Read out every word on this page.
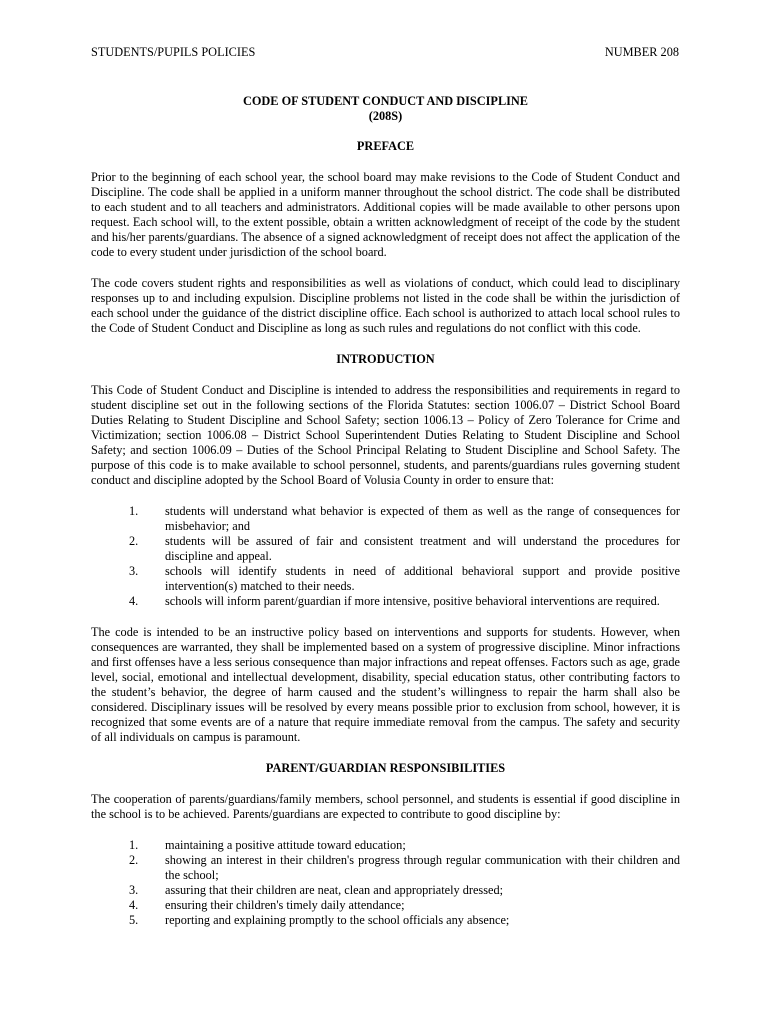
STUDENTS/PUPILS POLICIES	NUMBER 208

CODE OF STUDENT CONDUCT AND DISCIPLINE

(208S)

PREFACE

Prior to the beginning of each school year, the school board may make revisions to the Code of Student Conduct and Discipline. The code shall be applied in a uniform manner throughout the school district. The code shall be distributed to each student and to all teachers and administrators. Additional copies will be made available to other persons upon request. Each school will, to the extent possible, obtain a written acknowledgment of receipt of the code by the student and his/her parents/guardians. The absence of a signed acknowledgment of receipt does not affect the application of the code to every student under jurisdiction of the school board.

The code covers student rights and responsibilities as well as violations of conduct, which could lead to disciplinary responses up to and including expulsion. Discipline problems not listed in the code shall be within the jurisdiction of each school under the guidance of the district discipline office. Each school is authorized to attach local school rules to the Code of Student Conduct and Discipline as long as such rules and regulations do not conflict with this code.

INTRODUCTION

This Code of Student Conduct and Discipline is intended to address the responsibilities and requirements in regard to student discipline set out in the following sections of the Florida Statutes: section 1006.07 – District School Board Duties Relating to Student Discipline and School Safety; section 1006.13 – Policy of Zero Tolerance for Crime and Victimization; section 1006.08 – District School Superintendent Duties Relating to Student Discipline and School Safety; and section 1006.09 – Duties of the School Principal Relating to Student Discipline and School Safety. The purpose of this code is to make available to school personnel, students, and parents/guardians rules governing student conduct and discipline adopted by the School Board of Volusia County in order to ensure that:

1. students will understand what behavior is expected of them as well as the range of consequences for misbehavior; and
2. students will be assured of fair and consistent treatment and will understand the procedures for discipline and appeal.
3. schools will identify students in need of additional behavioral support and provide positive intervention(s) matched to their needs.
4. schools will inform parent/guardian if more intensive, positive behavioral interventions are required.

The code is intended to be an instructive policy based on interventions and supports for students. However, when consequences are warranted, they shall be implemented based on a system of progressive discipline. Minor infractions and first offenses have a less serious consequence than major infractions and repeat offenses. Factors such as age, grade level, social, emotional and intellectual development, disability, special education status, other contributing factors to the student’s behavior, the degree of harm caused and the student’s willingness to repair the harm shall also be considered. Disciplinary issues will be resolved by every means possible prior to exclusion from school, however, it is recognized that some events are of a nature that require immediate removal from the campus. The safety and security of all individuals on campus is paramount.

PARENT/GUARDIAN RESPONSIBILITIES

The cooperation of parents/guardians/family members, school personnel, and students is essential if good discipline in the school is to be achieved. Parents/guardians are expected to contribute to good discipline by:

1. maintaining a positive attitude toward education;
2. showing an interest in their children's progress through regular communication with their children and the school;
3. assuring that their children are neat, clean and appropriately dressed;
4. ensuring their children's timely daily attendance;
5. reporting and explaining promptly to the school officials any absence;
